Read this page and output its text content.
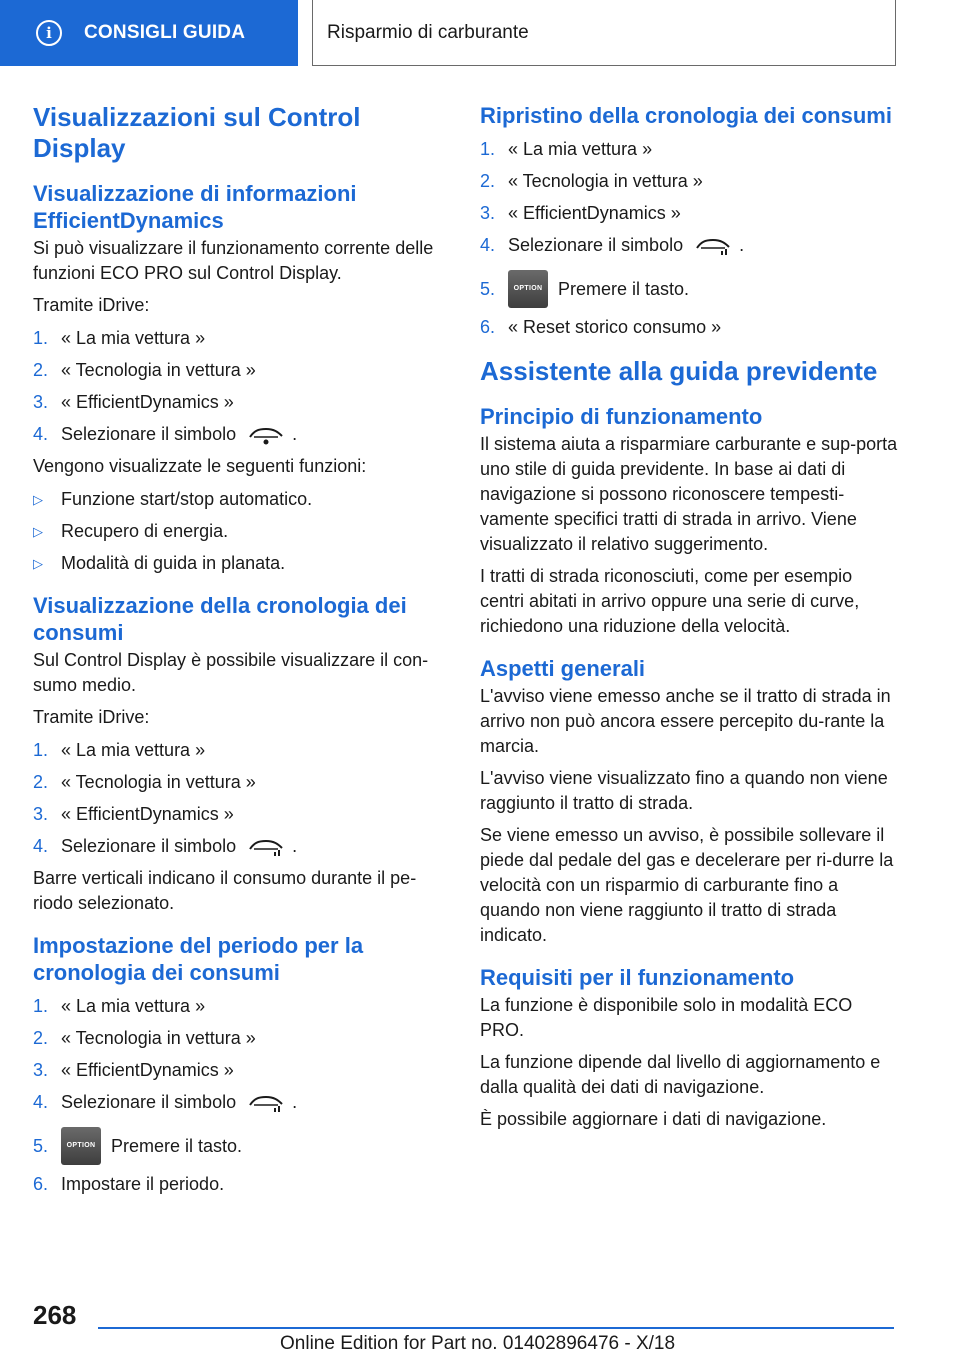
i	CONSIGLI GUIDA	Risparmio di carburante
Visualizzazioni sul Control Display
Visualizzazione di informazioni EfficientDynamics

Si può visualizzare il funzionamento corrente delle funzioni ECO PRO sul Control Display.

Tramite iDrive:

1. « La mia vettura »
2. « Tecnologia in vettura »
3. « EfficientDynamics »
4. Selezionare il simbolo	.

Vengono visualizzate le seguenti funzioni:

▷	Funzione start/stop automatico.
▷	Recupero di energia.
▷	Modalità di guida in planata.
Visualizzazione della cronologia dei consumi

Sul Control Display è possibile visualizzare il con-sumo medio.

Tramite iDrive:

1. « La mia vettura »
2. « Tecnologia in vettura »
3. « EfficientDynamics »
4. Selezionare il simbolo	.

Barre verticali indicano il consumo durante il pe-riodo selezionato.

Impostazione del periodo per la cronologia dei consumi
1. « La mia vettura »
2. « Tecnologia in vettura »
3. « EfficientDynamics »
4. Selezionare il simbolo	.
5.	OPTION Premere il tasto.
6. Impostare il periodo.
Ripristino della cronologia dei consumi
1. « La mia vettura »
2. « Tecnologia in vettura »
3. « EfficientDynamics »
4. Selezionare il simbolo	.
5.	OPTION Premere il tasto.
6. « Reset storico consumo »
Assistente alla guida previdente
Principio di funzionamento

Il sistema aiuta a risparmiare carburante e sup-porta uno stile di guida previdente. In base ai dati di navigazione si possono riconoscere tempesti-vamente specifici tratti di strada in arrivo. Viene visualizzato il relativo suggerimento.

I tratti di strada riconosciuti, come per esempio centri abitati in arrivo oppure una serie di curve, richiedono una riduzione della velocità.

Aspetti generali

L'avviso viene emesso anche se il tratto di strada in arrivo non può ancora essere percepito du-rante la marcia.

L'avviso viene visualizzato fino a quando non viene raggiunto il tratto di strada.

Se viene emesso un avviso, è possibile sollevare il piede dal pedale del gas e decelerare per ri-durre la velocità con un risparmio di carburante fino a quando non viene raggiunto il tratto di strada indicato.

Requisiti per il funzionamento

La funzione è disponibile solo in modalità ECO PRO.

La funzione dipende dal livello di aggiornamento e dalla qualità dei dati di navigazione.

È possibile aggiornare i dati di navigazione.

268
Online Edition for Part no. 01402896476 - X/18
